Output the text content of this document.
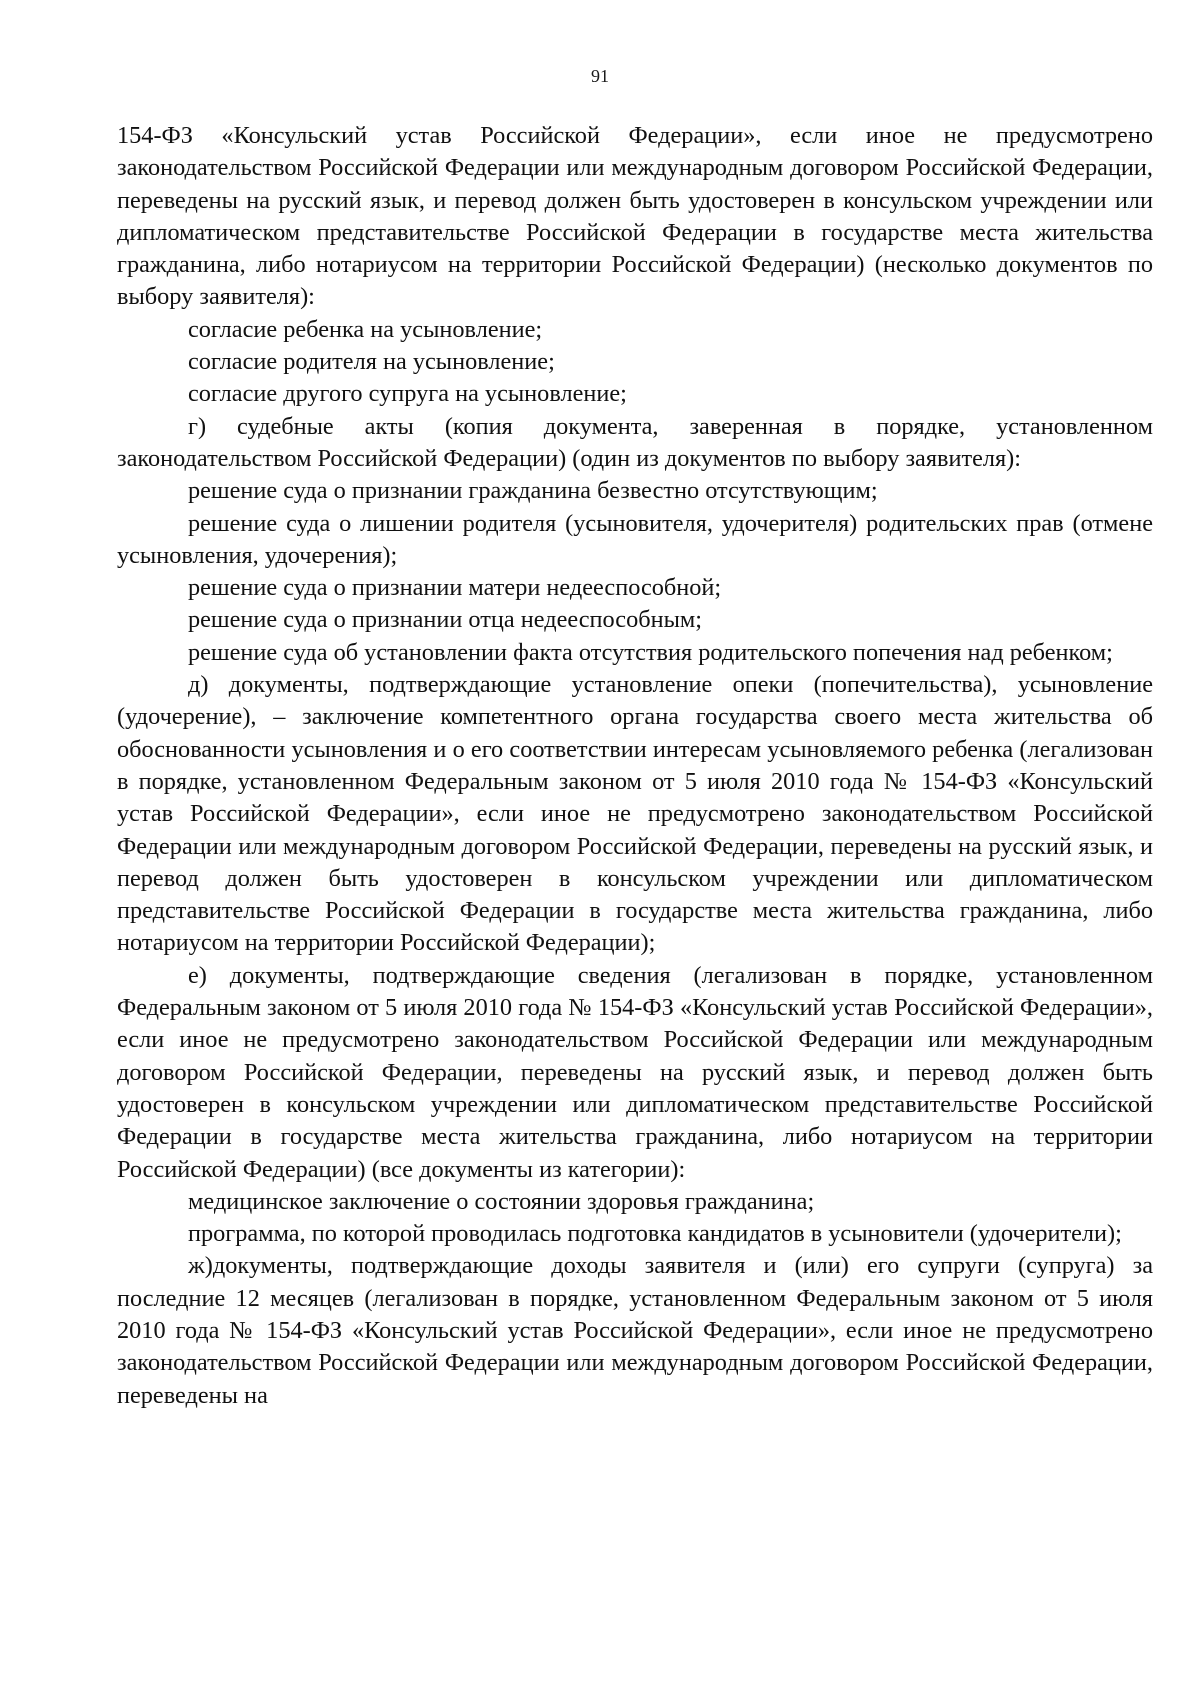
91

154-ФЗ «Консульский устав Российской Федерации», если иное не предусмотрено законодательством Российской Федерации или международным договором Российской Федерации, переведены на русский язык, и перевод должен быть удостоверен в консульском учреждении или дипломатическом представительстве Российской Федерации в государстве места жительства гражданина, либо нотариусом на территории Российской Федерации) (несколько документов по выбору заявителя):

согласие ребенка на усыновление;

согласие родителя на усыновление;

согласие другого супруга на усыновление;

г) судебные акты (копия документа, заверенная в порядке, установленном законодательством Российской Федерации) (один из документов по выбору заявителя):

решение суда о признании гражданина безвестно отсутствующим;

решение суда о лишении родителя (усыновителя, удочерителя) родительских прав (отмене усыновления, удочерения);

решение суда о признании матери недееспособной;

решение суда о признании отца недееспособным;

решение суда об установлении факта отсутствия родительского попечения над ребенком;

д) документы, подтверждающие установление опеки (попечительства), усыновление (удочерение), – заключение компетентного органа государства своего места жительства об обоснованности усыновления и о его соответствии интересам усыновляемого ребенка (легализован в порядке, установленном Федеральным законом от 5 июля 2010 года № 154-ФЗ «Консульский устав Российской Федерации», если иное не предусмотрено законодательством Российской Федерации или международным договором Российской Федерации, переведены на русский язык, и перевод должен быть удостоверен в консульском учреждении или дипломатическом представительстве Российской Федерации в государстве места жительства гражданина, либо нотариусом на территории Российской Федерации);

е) документы, подтверждающие сведения (легализован в порядке, установленном Федеральным законом от 5 июля 2010 года № 154-ФЗ «Консульский устав Российской Федерации», если иное не предусмотрено законодательством Российской Федерации или международным договором Российской Федерации, переведены на русский язык, и перевод должен быть удостоверен в консульском учреждении или дипломатическом представительстве Российской Федерации в государстве места жительства гражданина, либо нотариусом на территории Российской Федерации) (все документы из категории):

медицинское заключение о состоянии здоровья гражданина;

программа, по которой проводилась подготовка кандидатов в усыновители (удочерители);

ж)документы, подтверждающие доходы заявителя и (или) его супруги (супруга) за последние 12 месяцев (легализован в порядке, установленном Федеральным законом от 5 июля 2010 года № 154-ФЗ «Консульский устав Российской Федерации», если иное не предусмотрено законодательством Российской Федерации или международным договором Российской Федерации, переведены на
